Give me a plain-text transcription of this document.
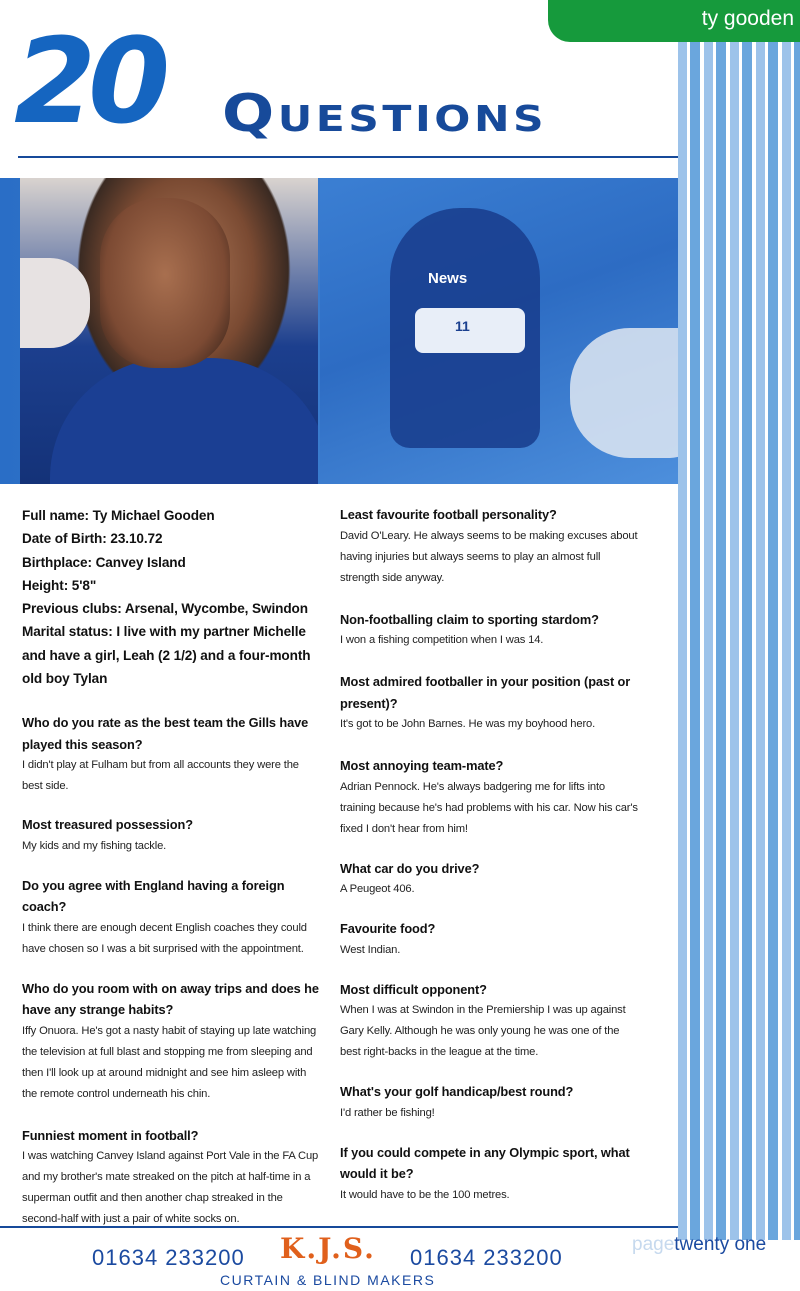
ty gooden
20 Questions
News
11

Full name: Ty Michael Gooden

Date of Birth: 23.10.72

Birthplace: Canvey Island

Height: 5'8"

Previous clubs: Arsenal, Wycombe, Swindon

Marital status: I live with my partner Michelle and have a girl, Leah (2 1/2) and a four-month old boy Tylan

Who do you rate as the best team the Gills have played this season?
I didn't play at Fulham but from all accounts they were the best side.
Most treasured possession?
My kids and my fishing tackle.
Do you agree with England having a foreign coach?
I think there are enough decent English coaches they could have chosen so I was a bit surprised with the appointment.
Who do you room with on away trips and does he have any strange habits?
Iffy Onuora. He's got a nasty habit of staying up late watching the television at full blast and stopping me from sleeping and then I'll look up at around midnight and see him asleep with the remote control underneath his chin.
Funniest moment in football?
I was watching Canvey Island against Port Vale in the FA Cup and my brother's mate streaked on the pitch at half-time in a superman outfit and then another chap streaked in the second-half with just a pair of white socks on.
Least favourite football personality?
David O'Leary. He always seems to be making excuses about having injuries but always seems to play an almost full strength side anyway.
Non-footballing claim to sporting stardom?
I won a fishing competition when I was 14.
Most admired footballer in your position (past or present)?
It's got to be John Barnes. He was my boyhood hero.
Most annoying team-mate?
Adrian Pennock. He's always badgering me for lifts into training because he's had problems with his car. Now his car's fixed I don't hear from him!
What car do you drive?
A Peugeot 406.
Favourite food?
West Indian.
Most difficult opponent?
When I was at Swindon in the Premiership I was up against Gary Kelly. Although he was only young he was one of the best right-backs in the league at the time.
What's your golf handicap/best round?
I'd rather be fishing!
If you could compete in any Olympic sport, what would it be?
It would have to be the 100 metres.
01634 233200 K.J.S. 01634 233200
CURTAIN & BLIND MAKERS
pagetwenty one
